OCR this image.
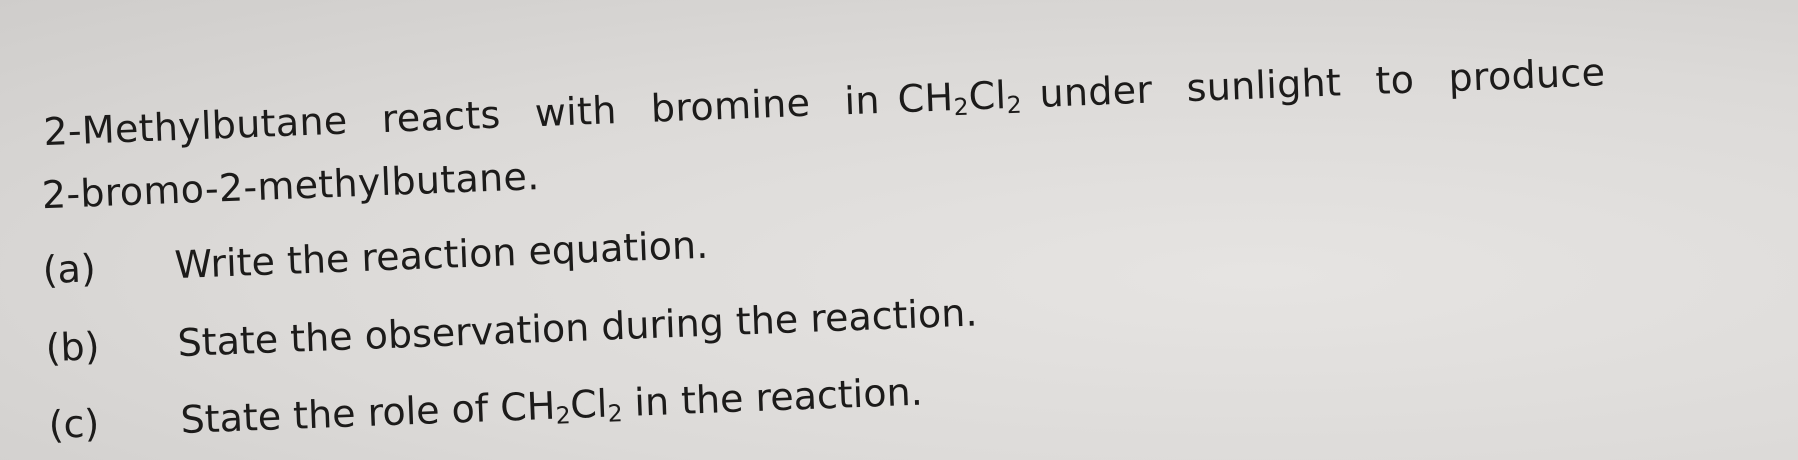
2-Methylbutane reacts with bromine in $CH_2Cl_2$ under sunlight to produce
2-bromo-2-methylbutane.
(a) Write the reaction equation.
(b) State the observation during the reaction.
(c) State the role of $CH_2Cl_2$ in the reaction.
